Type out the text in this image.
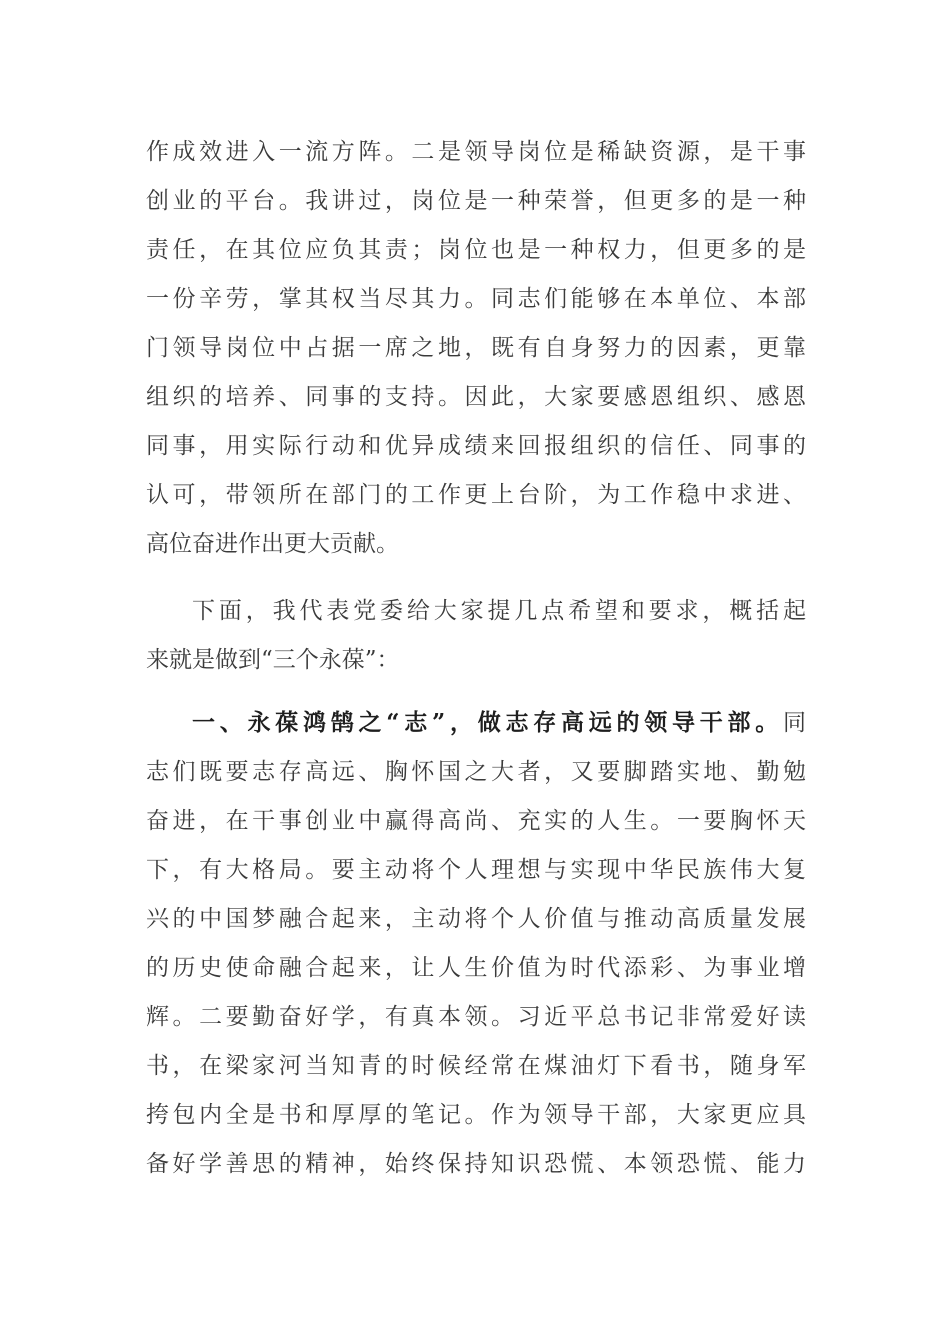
作成效进入一流方阵。二是领导岗位是稀缺资源，是干事
创业的平台。我讲过，岗位是一种荣誉，但更多的是一种
责任，在其位应负其责；岗位也是一种权力，但更多的是
一份辛劳，掌其权当尽其力。同志们能够在本单位、本部
门领导岗位中占据一席之地，既有自身努力的因素，更靠
组织的培养、同事的支持。因此，大家要感恩组织、感恩
同事，用实际行动和优异成绩来回报组织的信任、同事的
认可，带领所在部门的工作更上台阶，为工作稳中求进、
高位奋进作出更大贡献。
下面，我代表党委给大家提几点希望和要求，概括起
来就是做到“三个永葆”：
一、永葆鸿鹄之“志”，做志存高远的领导干部。同
志们既要志存高远、胸怀国之大者，又要脚踏实地、勤勉
奋进，在干事创业中赢得高尚、充实的人生。一要胸怀天
下，有大格局。要主动将个人理想与实现中华民族伟大复
兴的中国梦融合起来，主动将个人价值与推动高质量发展
的历史使命融合起来，让人生价值为时代添彩、为事业增
辉。二要勤奋好学，有真本领。习近平总书记非常爱好读
书，在梁家河当知青的时候经常在煤油灯下看书，随身军
挎包内全是书和厚厚的笔记。作为领导干部，大家更应具
备好学善思的精神，始终保持知识恐慌、本领恐慌、能力
